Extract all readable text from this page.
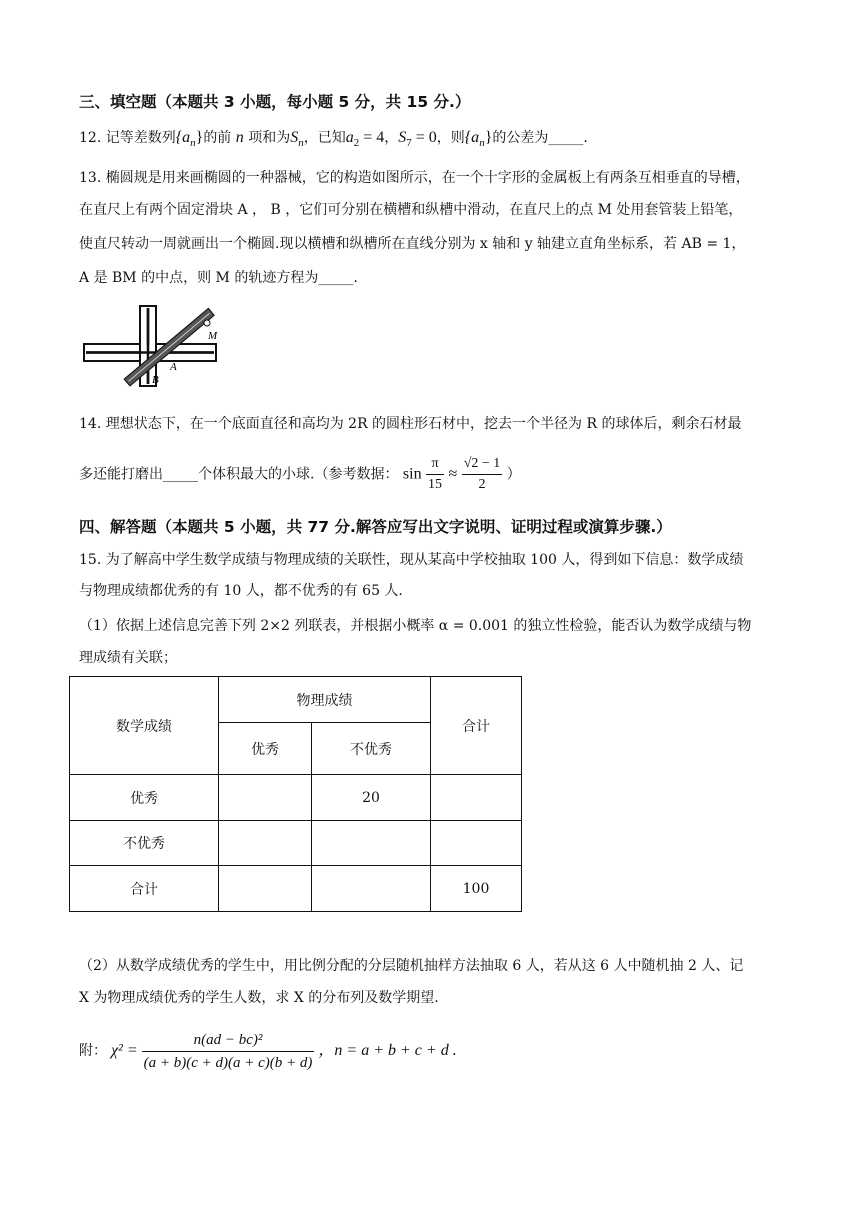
三、填空题（本题共 3 小题，每小题 5 分，共 15 分.）
12. 记等差数列$\{a_n\}$的前 n 项和为$S_n$，已知$a_2 = 4$，$S_7 = 0$，则$\{a_n\}$的公差为_____.
13. 椭圆规是用来画椭圆的一种器械，它的构造如图所示，在一个十字形的金属板上有两条互相垂直的导槽，
在直尺上有两个固定滑块 A ， B ，它们可分别在横槽和纵槽中滑动，在直尺上的点 M 处用套管装上铅笔，
使直尺转动一周就画出一个椭圆.现以横槽和纵槽所在直线分别为 x 轴和 y 轴建立直角坐标系，若 AB = 1，
A 是 BM 的中点，则 M 的轨迹方程为_____.
M
A
B
14. 理想状态下，在一个底面直径和高均为 2R 的圆柱形石材中，挖去一个半径为 R 的球体后，剩余石材最
多还能打磨出_____个体积最大的小球.（参考数据： $\sin \frac{\pi}{15} \approx \frac{√2 - 1}{2}$ ）
四、解答题（本题共 5 小题，共 77 分.解答应写出文字说明、证明过程或演算步骤.）
15. 为了解高中学生数学成绩与物理成绩的关联性，现从某高中学校抽取 100 人，得到如下信息：数学成绩
与物理成绩都优秀的有 10 人，都不优秀的有 65 人.
（1）依据上述信息完善下列 2×2 列联表，并根据小概率 α = 0.001 的独立性检验，能否认为数学成绩与物
理成绩有关联；
数学成绩	物理成绩		合计
	优秀	不优秀	
优秀		20	
不优秀			
合计			100
（2）从数学成绩优秀的学生中，用比例分配的分层随机抽样方法抽取 6 人，若从这 6 人中随机抽 2 人、记
X 为物理成绩优秀的学生人数，求 X 的分布列及数学期望.
附： $\chi^2 = \frac{\text{n(ad − bc)²}}{(a + b)(c + d)(a + c)(b + d)}$ ，n = a + b + c + d .
